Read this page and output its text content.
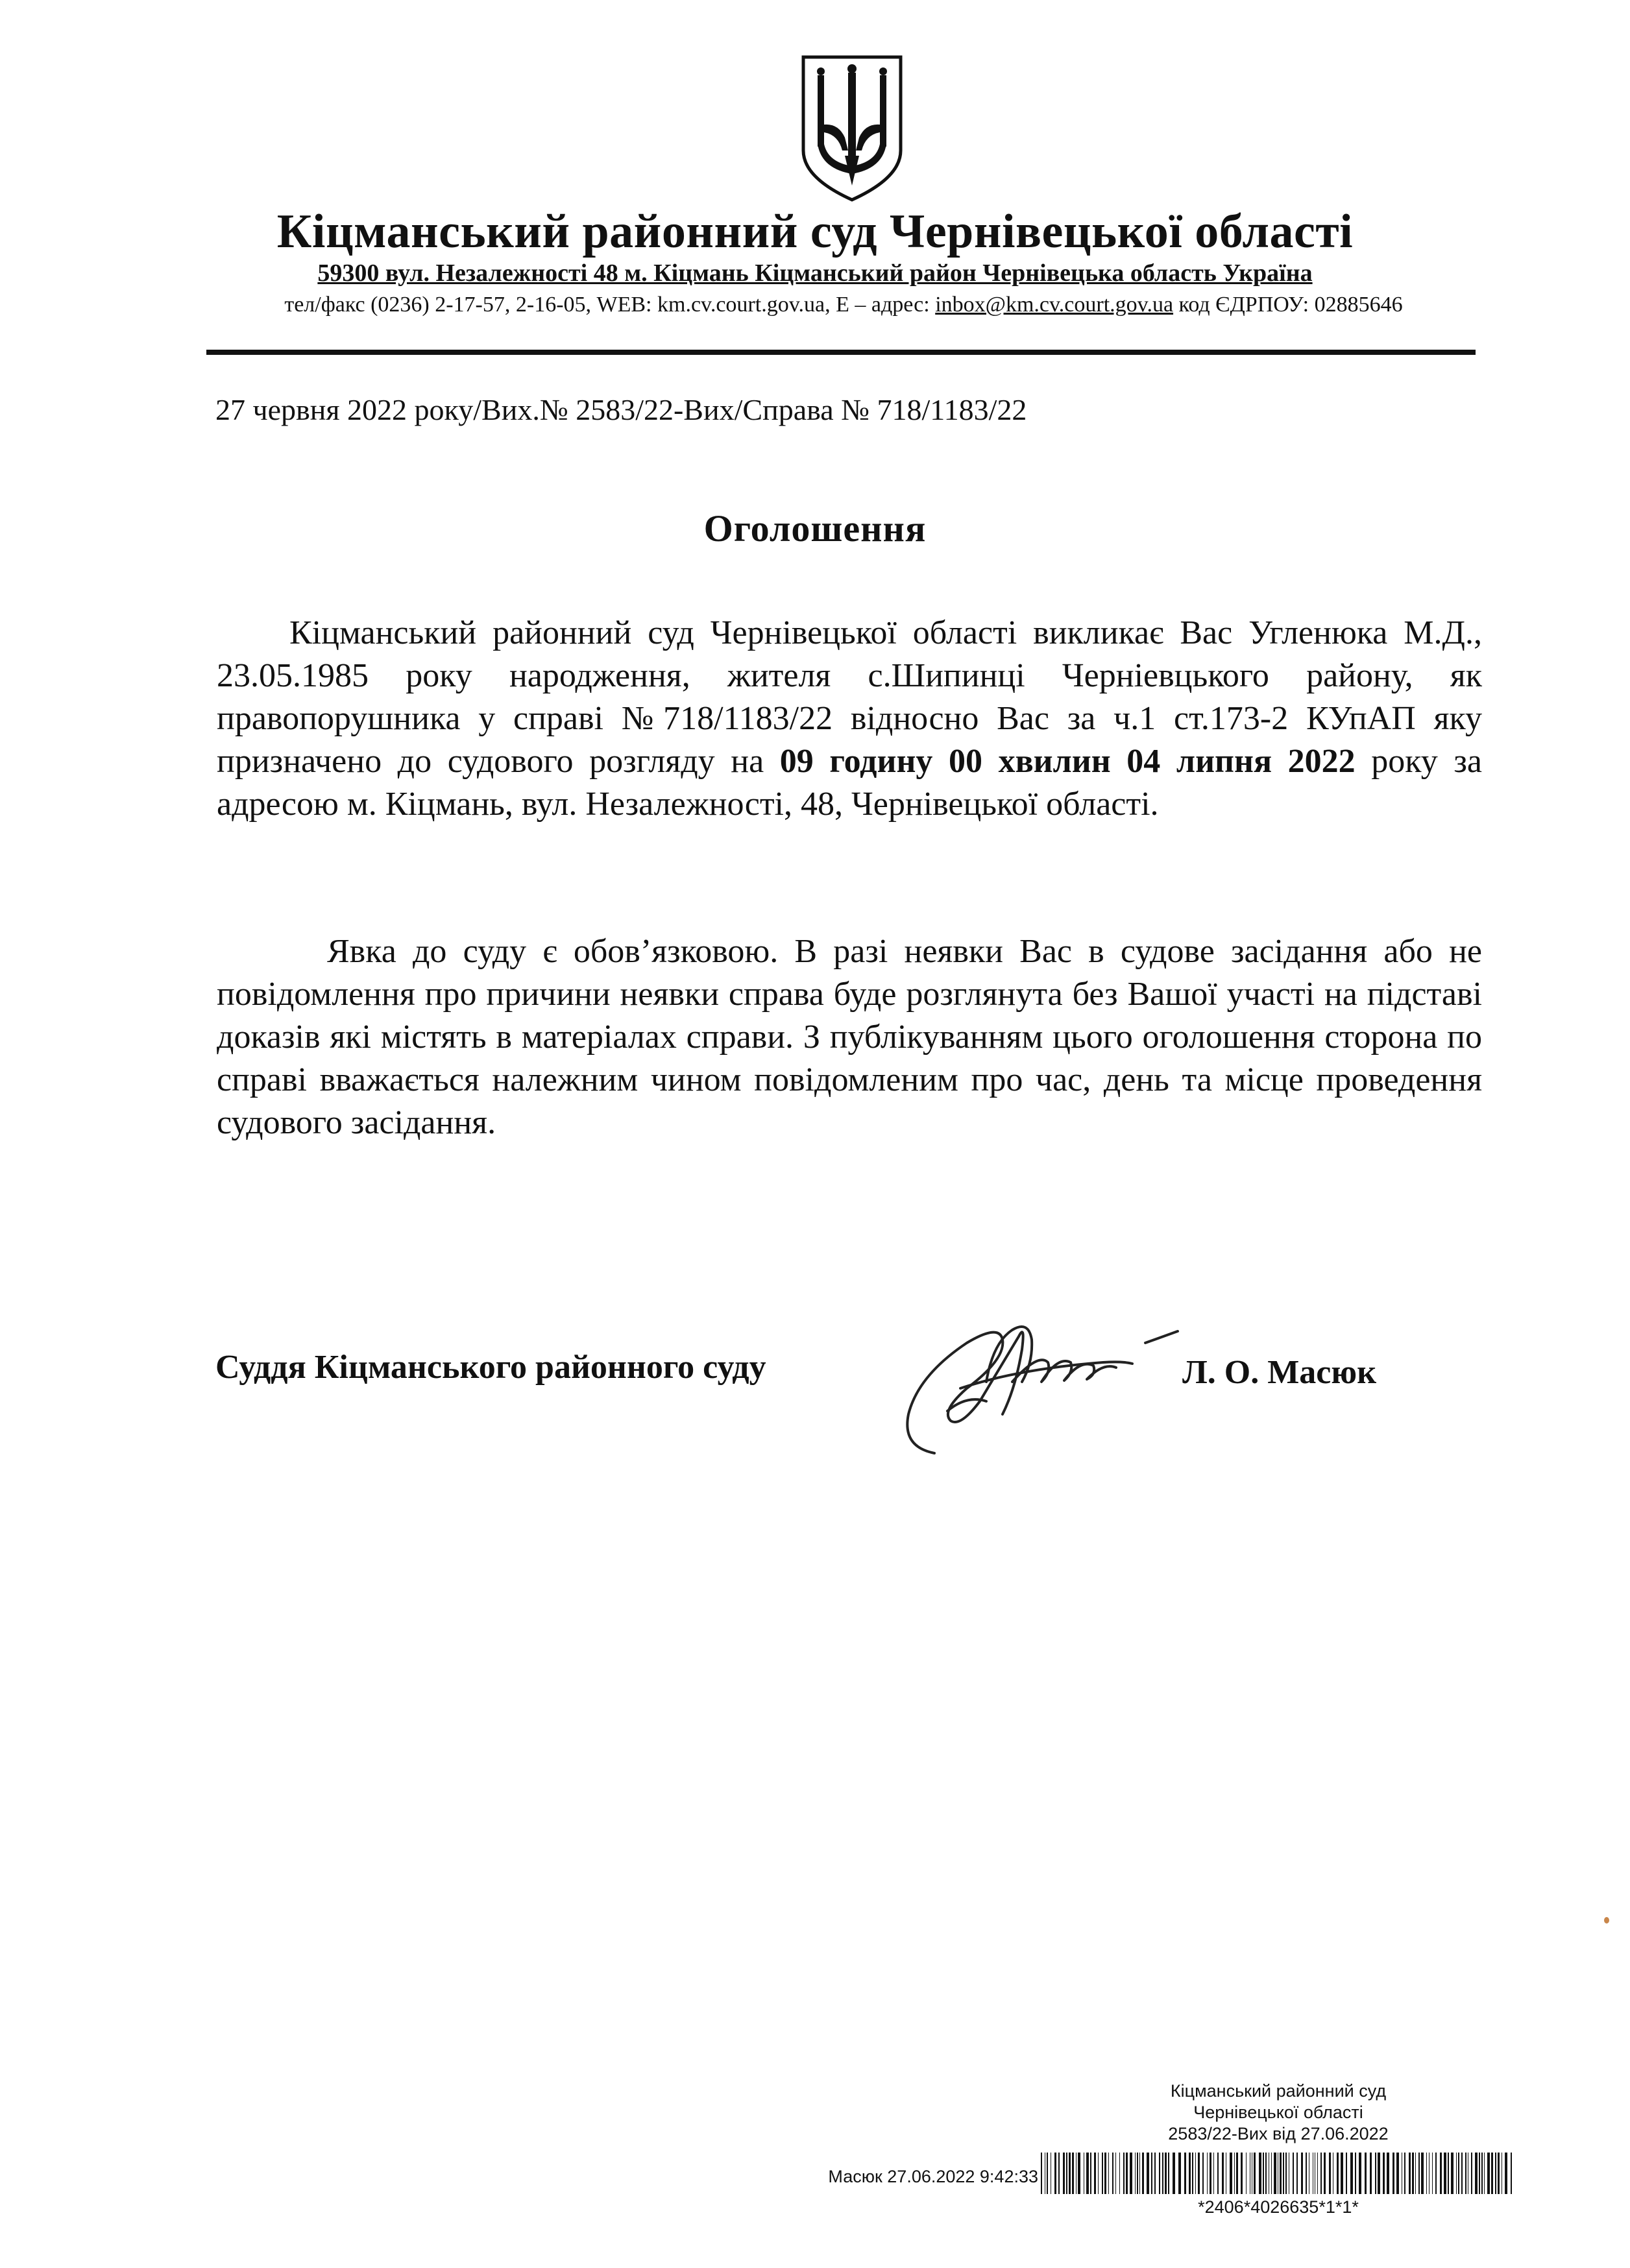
Кіцманський районний суд Чернівецької області
59300 вул. Незалежності 48 м. Кіцмань Кіцманський район Чернівецька область Україна
тел/факс (0236) 2-17-57, 2-16-05, WEB: km.cv.court.gov.ua, E – адрес: inbox@km.cv.court.gov.ua код ЄДРПОУ: 02885646
27 червня 2022 року/Вих.№ 2583/22-Вих/Справа № 718/1183/22
Оголошення
Кіцманський районний суд Чернівецької області викликає Вас Угленюка М.Д., 23.05.1985 року народження, жителя с.Шипинці Черніевцького району, як правопорушника у справі №718/1183/22 відносно Вас за ч.1 ст.173-2 КУпАП яку призначено до судового розгляду на 09 годину 00 хвилин 04 липня 2022 року за адресою м. Кіцмань, вул. Незалежності, 48, Чернівецької області.
Явка до суду є обов’язковою. В разі неявки Вас в судове засідання або не повідомлення про причини неявки справа буде розглянута без Вашої участі на підставі доказів які містять в матеріалах справи. З публікуванням цього оголошення сторона по справі вважається належним чином повідомленим про час, день та місце проведення судового засідання.
Суддя Кіцманського районного суду	Л. О. Масюк
Кіцманський районний суд
Чернівецької області
2583/22-Вих від 27.06.2022
Масюк 27.06.2022 9:42:33
*2406*4026635*1*1*
